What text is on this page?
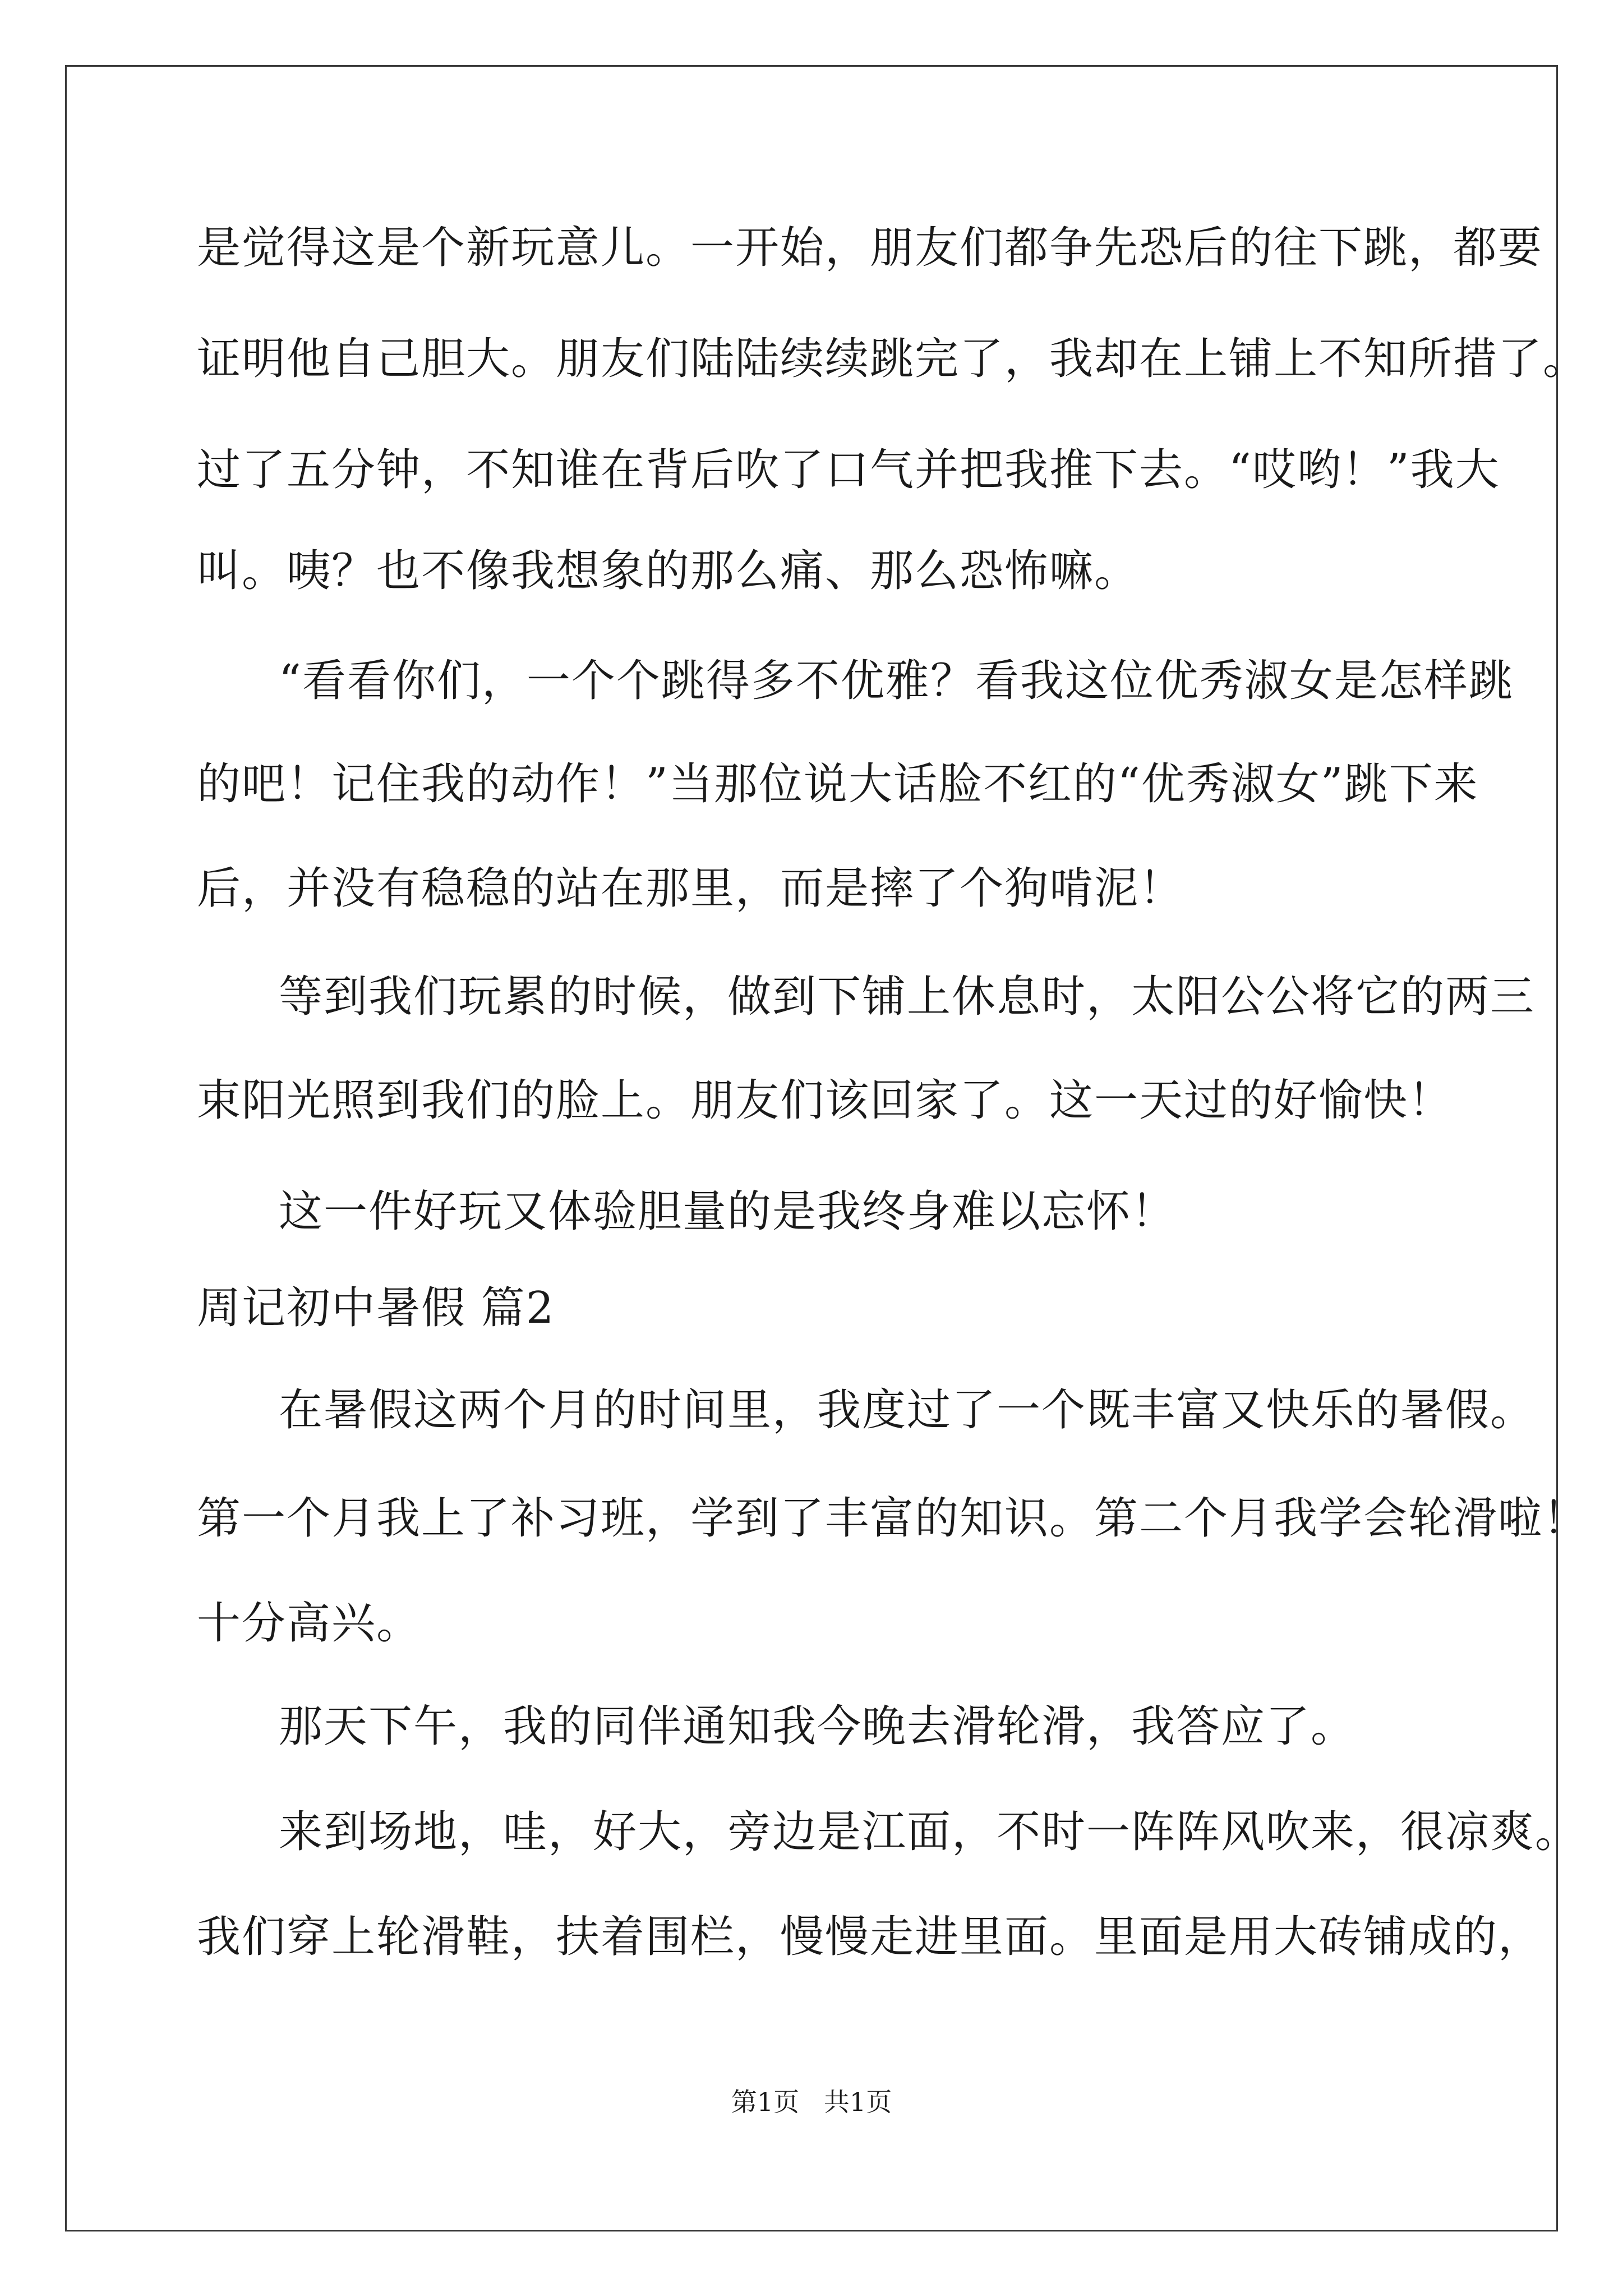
是觉得这是个新玩意儿。一开始，朋友们都争先恐后的往下跳，都要
证明他自己胆大。朋友们陆陆续续跳完了，我却在上铺上不知所措了。
过了五分钟，不知谁在背后吹了口气并把我推下去。“哎哟！”我大
叫。咦？也不像我想象的那么痛、那么恐怖嘛。
“看看你们，一个个跳得多不优雅？看我这位优秀淑女是怎样跳
的吧！记住我的动作！”当那位说大话脸不红的“优秀淑女”跳下来
后，并没有稳稳的站在那里，而是摔了个狗啃泥！
等到我们玩累的时候，做到下铺上休息时，太阳公公将它的两三
束阳光照到我们的脸上。朋友们该回家了。这一天过的好愉快！
这一件好玩又体验胆量的是我终身难以忘怀！
周记初中暑假 篇2
在暑假这两个月的时间里，我度过了一个既丰富又快乐的暑假。
第一个月我上了补习班，学到了丰富的知识。第二个月我学会轮滑啦！
十分高兴。
那天下午，我的同伴通知我今晚去滑轮滑，我答应了。
来到场地，哇，好大，旁边是江面，不时一阵阵风吹来，很凉爽。
我们穿上轮滑鞋，扶着围栏，慢慢走进里面。里面是用大砖铺成的，
第1页   共1页
